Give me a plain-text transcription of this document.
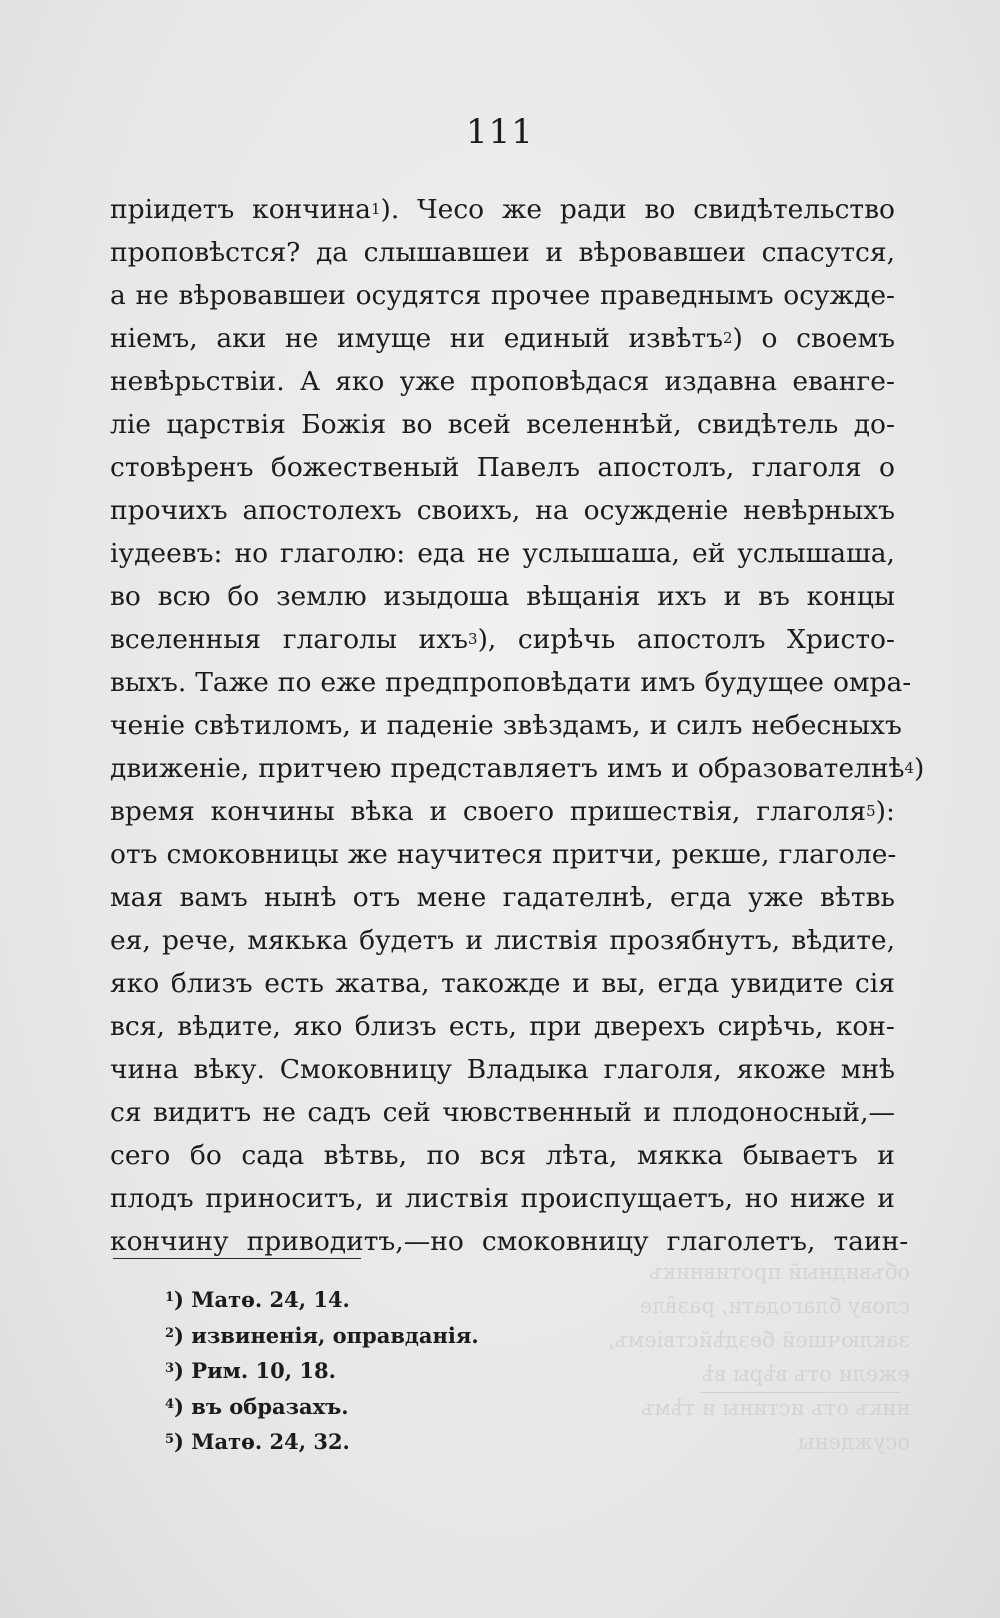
объвидный противникъ слову благодати, разв̂ле
заключшей бездѣйствіемъ, ежели отъ вѣры вѣ
никъ отъ истины и тѣмъ осуждены
111
пріидетъ кончина$^1$). Чесо же ради во свидѣтельство
проповѣстся? да слышавшеи и вѣровавшеи спасутся,
а не вѣровавшеи осудятся прочее праведнымъ осужде-
ніемъ, аки не имуще ни единый извѣтъ$^2$) о своемъ
невѣрьствіи. А яко уже проповѣдася издавна еванге-
ліе царствія Божія во всей вселеннѣй, свидѣтель до-
стовѣренъ божественый Павелъ апостолъ, глаголя о
прочихъ апостолехъ своихъ, на осужденіе невѣрныхъ
іудеевъ: но глаголю: еда не услышаша, ей услышаша,
во всю бо землю изыдоша вѣщанія ихъ и въ концы
вселенныя глаголы ихъ$^3$), сирѣчь апостолъ Христо-
выхъ. Таже по еже предпроповѣдати имъ будущее омра-
ченіе свѣтиломъ, и паденіе звѣздамъ, и силъ небесныхъ
движеніе, притчею представляетъ имъ и образователнѣ$^4$)
время кончины вѣка и своего пришествія, глаголя$^5$):
отъ смоковницы же научитеся притчи, рекше, глаголе-
мая вамъ нынѣ отъ мене гадателнѣ, егда уже вѣтвь
ея, рече, мякька будетъ и листвія прозябнутъ, вѣдите,
яко близъ есть жатва, такожде и вы, егда увидите сія
вся, вѣдите, яко близъ есть, при дверехъ сирѣчь, кон-
чина вѣку. Смоковницу Владыка глаголя, якоже мнѣ
ся видитъ не садъ сей чювственный и плодоносный,—
сего бо сада вѣтвь, по вся лѣта, мякка бываетъ и
плодъ приноситъ, и листвія происпущаетъ, но ниже и
кончину приводитъ,—но смоковницу глаголетъ, таин-
$^1$) Матѳ. 24, 14.
$^2$) извиненія, оправданія.
$^3$) Рим. 10, 18.
$^4$) въ образахъ.
$^5$) Матѳ. 24, 32.
